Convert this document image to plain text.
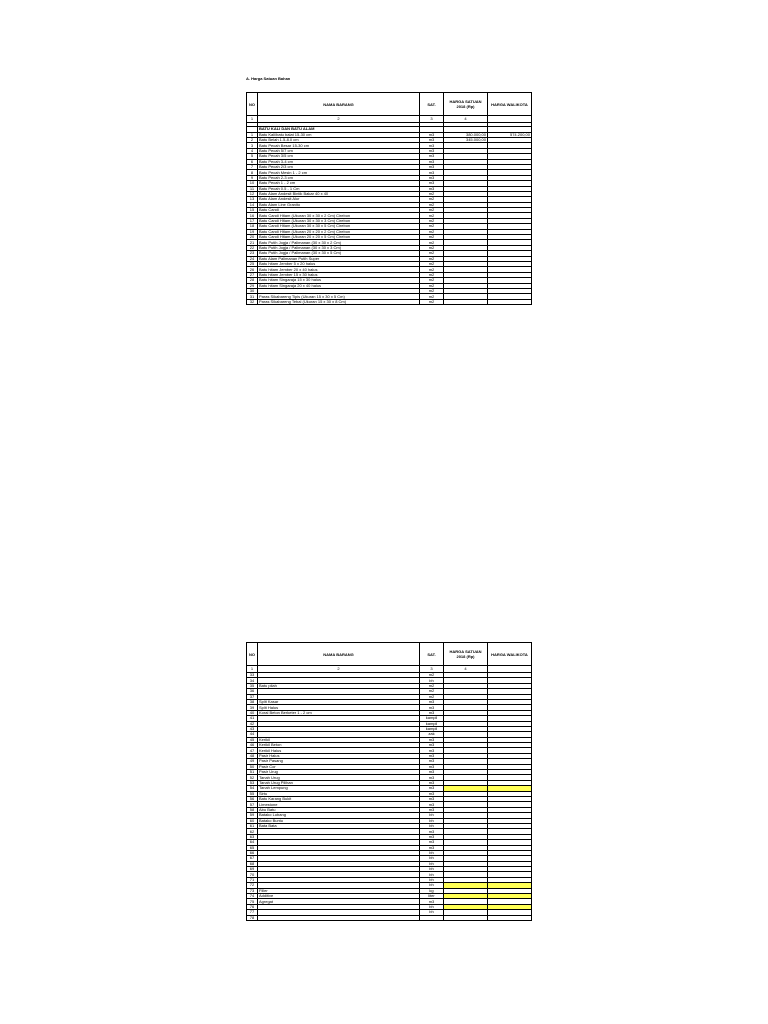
A. Harga Satuan Bahan
NO	NAMA BARANG	SAT.	HARGA SATUAN 2018 (Rp)	HARGA WALIKOTA
1	2	3	4	

	BATU KALI DAN BATU ALAM			
1	Batu Kali/batu balat 15-30 cm	m3	380.000,00	574.200,00
2	Batu Belah 1.5-8.0 cm	m3	345.000,00	
3	Batu Pecah Besar 15-30 cm	m3		
4	Batu Pecah 5/7 cm	m3		
5	Batu Pecah 3/5 cm	m3		
6	Batu Pecah 3-4 cm	m3		
7	Batu Pecah 2/3 cm	m3		
8	Batu Pecah Mesin 1 - 2 cm	m3		
9	Batu Pecah 2-3 cm	m3		
10	Batu Pecah 1 - 2 cm	m3		
11	Batu Pecah 0.5 - 1 Cm	m3		
12	Batu Alam Andesit Bintik Bakar 40 x 40	m2		
13	Batu Alam Andesit Alur	m2		
14	Batu Alam Line Granito	m2		
15	Batu Candi	m2		
16	Batu Candi Hitam (Ukuran 30 x 30 x 2 Cm) Cirebon	m2		
17	Batu Candi Hitam (Ukuran 30 x 30 x 3 Cm) Cirebon	m2		
18	Batu Candi Hitam (Ukuran 30 x 30 x 5 Cm) Cirebon	m2		
19	Batu Candi Hitam (Ukuran 20 x 20 x 2 Cm) Cirebon	m2		
20	Batu Candi Hitam (Ukuran 20 x 20 x 5 Cm) Cirebon	m2		
21	Batu Putih Jogja / Palimanan (30 x 30 x 2 Cm)	m2		
22	Batu Putih Jogja / Palimanan (30 x 30 x 3 Cm)	m2		
23	Batu Putih Jogja / Palimanan (30 x 30 x 5 Cm)	m2		
24	Batu Alam Palimanan Putih Super	m2		
25	Batu hitam Jember 5 x 20 halus	m2		
26	Batu hitam Jember 20 x 40 halus	m2		
27	Batu hitam Jember 15 x 30 halus	m2		
28	Batu hitam Singaraja 15 x 30 halus	m2		
29	Batu hitam Singaraja 20 x 40 halus	m2		
30		m2		
31	Paras Sikabareng Tipis (Ukuran 15 x 30 x 5 Cm)	m2		
32	Paras Sikabareng Tebal (Ukuran 15 x 30 x 8 Cm)	m2		
NO	NAMA BARANG	SAT.	HARGA SATUAN 2018 (Rp)	HARGA WALIKOTA
1	2	3	4	
33		m2		
34		bh		
35	Batu pilah	m2		
36		m2		
37		m2		
38	Split Kasar	m3		
39	Split Halus	m3		
40	Koral Beton Berketer 1 - 2 cm	m3		
41		kampil		
42		kampil		
43		kampil		
44		zak		
45	Kerikil	m3		
46	Kerikil Beton	m3		
47	Kerikil Halus	m3		
48	Pasir Halus	m3		
49	Pasir Pasang	m3		
50	Pasir Cor	m3		
51	Pasir Urug	m3		
52	Tanah Urug	m3		
53	Tanah Urug Pilihan	m3		
54	Tanah Lempung	m3		
55	Sirtu	m3		
56	Batu Karang Bukit	m3		
57	Limestone	m3		
58	Abu Batu	m3		
59	Batako Lubang	bh		
60	Batako Buntu	bh		
61	Bata Bata	bh		
62		m3		
63		m3		
64		m3		
65		m3		
66		bh		
67		bh		
68		bh		
69		bh		
70		bh		
71		bh		
72		bh		
73	Filler	kg		
74	Additive	liter		
75	Agregat	m3		
76		bh		
77		bh		
78				
